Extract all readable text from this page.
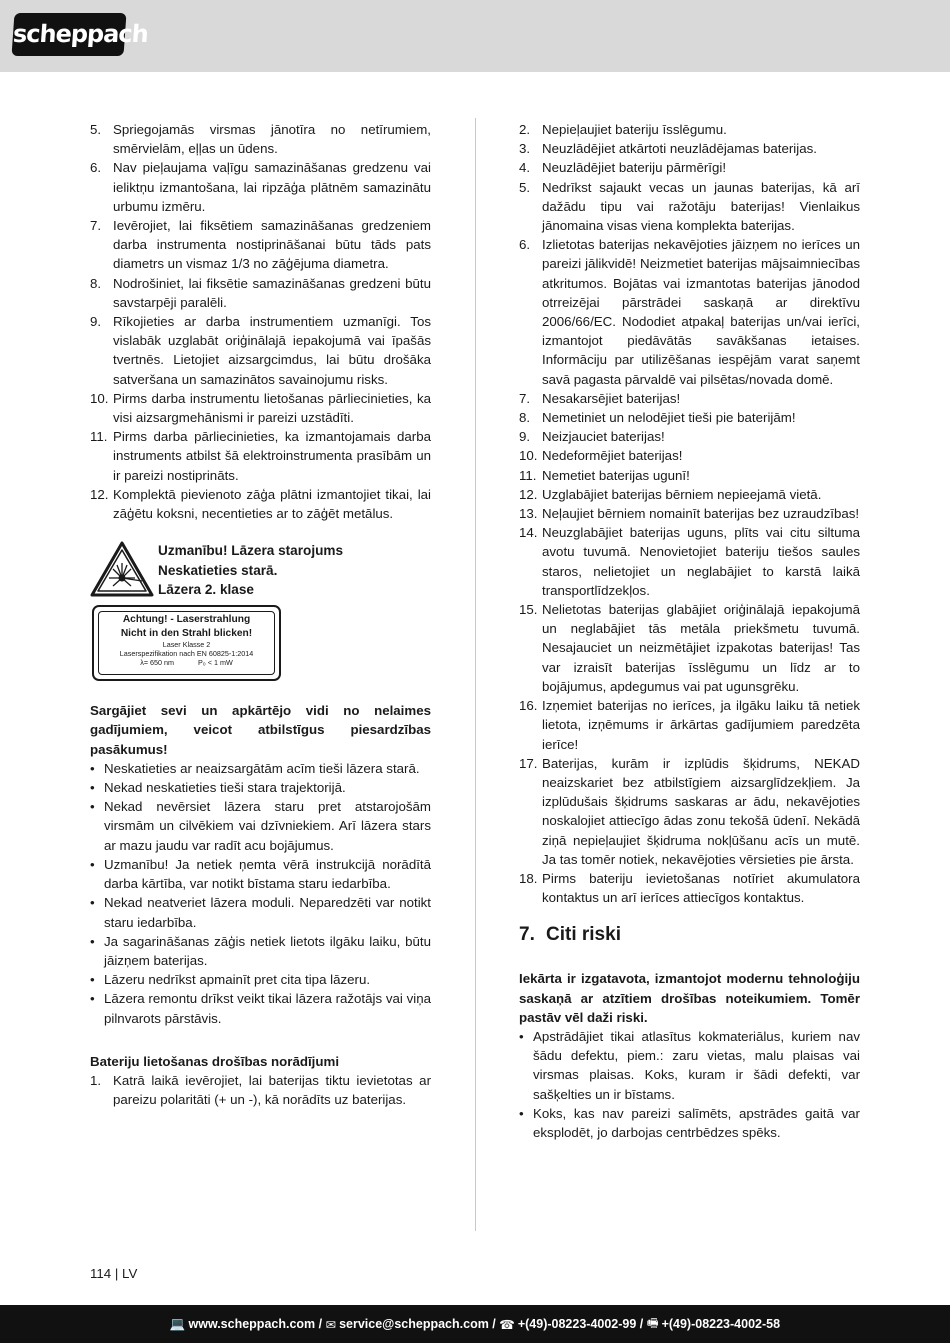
scheppach
5. Spriegojamās virsmas jānotīra no netīrumiem, smērvielām, eļļas un ūdens.
6. Nav pieļaujama vaļīgu samazināšanas gredzenu vai ieliktņu izmantošana, lai ripzāģa plātnēm samazinātu urbumu izmēru.
7. Ievērojiet, lai fiksētiem samazināšanas gredzeniem darba instrumenta nostiprināšanai būtu tāds pats diametrs un vismaz 1/3 no zāģējuma diametra.
8. Nodrošiniet, lai fiksētie samazināšanas gredzeni būtu savstarpēji paralēli.
9. Rīkojieties ar darba instrumentiem uzmanīgi. Tos vislabāk uzglabāt oriģinālajā iepakojumā vai īpašās tvertnēs. Lietojiet aizsargcimdus, lai būtu drošāka satveršana un samazinātos savainojumu risks.
10. Pirms darba instrumentu lietošanas pārliecinieties, ka visi aizsargmehānismi ir pareizi uzstādīti.
11. Pirms darba pārliecinieties, ka izmantojamais darba instruments atbilst šā elektroinstrumenta prasībām un ir pareizi nostiprināts.
12. Komplektā pievienoto zāģa plātni izmantojiet tikai, lai zāģētu koksni, necentieties ar to zāģēt metālus.
Uzmanību! Lāzera starojums
Neskatieties starā.
Lāzera 2. klase
Achtung! - Laserstrahlung
Nicht in den Strahl blicken!
Laser Klasse 2
Laserspezifikation nach EN 60825-1:2014
λ= 650 nm	P₀ < 1 mW
Sargājiet sevi un apkārtējo vidi no nelaimes gadījumiem, veicot atbilstīgus piesardzības pasākumus!
• Neskatieties ar neaizsargātām acīm tieši lāzera starā.
• Nekad neskatieties tieši stara trajektorijā.
• Nekad nevērsiet lāzera staru pret atstarojošām virsmām un cilvēkiem vai dzīvniekiem. Arī lāzera stars ar mazu jaudu var radīt acu bojājumus.
• Uzmanību! Ja netiek ņemta vērā instrukcijā norādītā darba kārtība, var notikt bīstama staru iedarbība.
• Nekad neatveriet lāzera moduli. Neparedzēti var notikt staru iedarbība.
• Ja sagarināšanas zāģis netiek lietots ilgāku laiku, būtu jāizņem baterijas.
• Lāzeru nedrīkst apmainīt pret cita tipa lāzeru.
• Lāzera remontu drīkst veikt tikai lāzera ražotājs vai viņa pilnvarots pārstāvis.
Bateriju lietošanas drošības norādījumi
1. Katrā laikā ievērojiet, lai baterijas tiktu ievietotas ar pareizu polaritāti (+ un -), kā norādīts uz baterijas.
2. Nepieļaujiet bateriju īsslēgumu.
3. Neuzlādējiet atkārtoti neuzlādējamas baterijas.
4. Neuzlādējiet bateriju pārmērīgi!
5. Nedrīkst sajaukt vecas un jaunas baterijas, kā arī dažādu tipu vai ražotāju baterijas! Vienlaikus jānomaina visas viena komplekta baterijas.
6. Izlietotas baterijas nekavējoties jāizņem no ierīces un pareizi jālikvidē! Neizmetiet baterijas mājsaimniecības atkritumos. Bojātas vai izmantotas baterijas jānodod otrreizējai pārstrādei saskaņā ar direktīvu 2006/66/EC. Nododiet atpakaļ baterijas un/vai ierīci, izmantojot piedāvātās savākšanas ietaises. Informāciju par utilizēšanas iespējām varat saņemt savā pagasta pārvaldē vai pilsētas/novada domē.
7. Nesakarsējiet baterijas!
8. Nemetiniet un nelodējiet tieši pie baterijām!
9. Neizjauciet baterijas!
10. Nedeformējiet baterijas!
11. Nemetiet baterijas ugunī!
12. Uzglabājiet baterijas bērniem nepieejamā vietā.
13. Neļaujiet bērniem nomainīt baterijas bez uzraudzības!
14. Neuzglabājiet baterijas uguns, plīts vai citu siltuma avotu tuvumā. Nenovietojiet bateriju tiešos saules staros, nelietojiet un neglabājiet to karstā laikā transportlīdzekļos.
15. Nelietotas baterijas glabājiet oriģinālajā iepakojumā un neglabājiet tās metāla priekšmetu tuvumā. Nesajauciet un neizmētājiet izpakotas baterijas! Tas var izraisīt baterijas īsslēgumu un līdz ar to bojājumus, apdegumus vai pat ugunsgrēku.
16. Izņemiet baterijas no ierīces, ja ilgāku laiku tā netiek lietota, izņēmums ir ārkārtas gadījumiem paredzēta ierīce!
17. Baterijas, kurām ir izplūdis šķidrums, NEKAD neaizskariet bez atbilstīgiem aizsarglīdzekļiem. Ja izplūdušais šķidrums saskaras ar ādu, nekavējoties noskalojiet attiecīgo ādas zonu tekošā ūdenī. Nekādā ziņā nepieļaujiet šķidruma nokļūšanu acīs un mutē. Ja tas tomēr notiek, nekavējoties vērsieties pie ārsta.
18. Pirms bateriju ievietošanas notīriet akumulatora kontaktus un arī ierīces attiecīgos kontaktus.
7. Citi riski
Iekārta ir izgatavota, izmantojot modernu tehnoloģiju saskaņā ar atzītiem drošības noteikumiem. Tomēr pastāv vēl daži riski.
• Apstrādājiet tikai atlasītus kokmateriālus, kuriem nav šādu defektu, piem.: zaru vietas, malu plaisas vai virsmas plaisas. Koks, kuram ir šādi defekti, var sašķelties un ir bīstams.
• Koks, kas nav pareizi salīmēts, apstrādes gaitā var eksplodēt, jo darbojas centrbēdzes spēks.
114 | LV
💻 www.scheppach.com / ✉ service@scheppach.com / ☎ +(49)-08223-4002-99 / 🖷 +(49)-08223-4002-58
